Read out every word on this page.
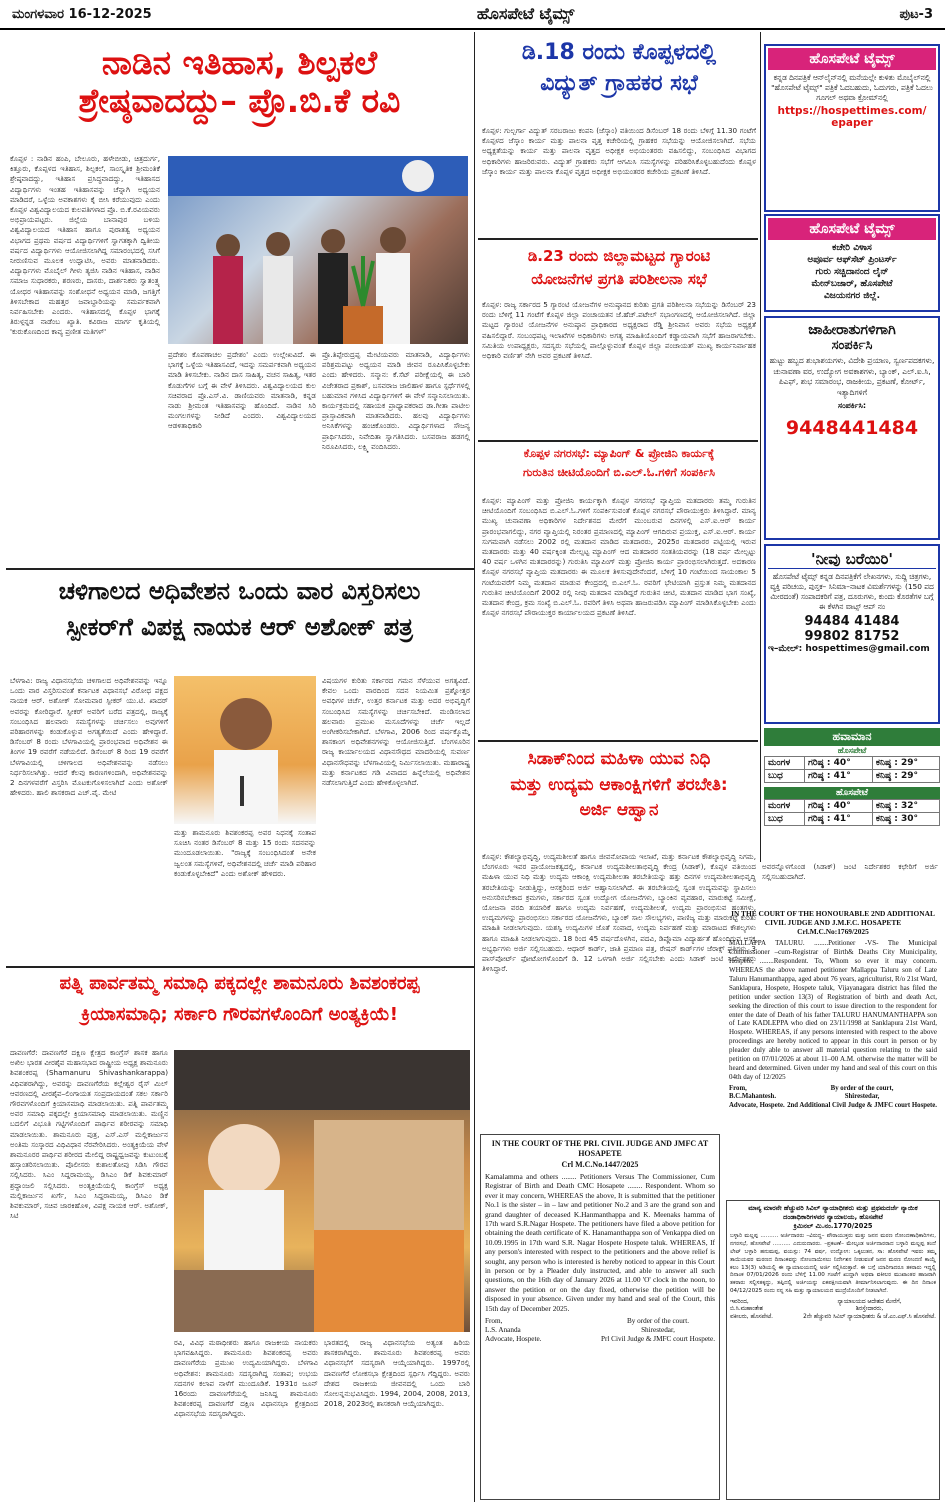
ಮಂಗಳವಾರ 16-12-2025	ಹೊಸಪೇಟೆ ಟೈಮ್ಸ್	ಪುಟ-3
ನಾಡಿನ ಇತಿಹಾಸ, ಶಿಲ್ಪಕಲೆ
ಶ್ರೇಷ್ಠವಾದದ್ದು– ಪ್ರೊ.ಬಿ.ಕೆ ರವಿ
ಕೊಪ್ಪಳ : ನಾಡಿನ ಹಂಪಿ, ಬೇಲೂರು, ಹಳೇಬೀಡು, ಚಿತ್ರದುರ್ಗ, ಕಿತ್ತೂರು, ಕೊಪ್ಪಳದ ಇತಿಹಾಸ, ಶಿಲ್ಪಕಲೆ, ಸಾಂಸ್ಕೃತಿಕ ಶ್ರೀಮಂತಿಕೆ ಶ್ರೇಷ್ಠವಾದದ್ದು, ಇತಿಹಾಸ ಪ್ರಸಿದ್ಧವಾದದ್ದು, ಇತಿಹಾಸದ ವಿದ್ಯಾರ್ಥಿಗಳು ಇಂತಹ ಇತಿಹಾಸವನ್ನು ಚೆನ್ನಾಗಿ ಅಧ್ಯಯನ ಮಾಡಿದರೆ, ಒಳ್ಳೆಯ ಅವಕಾಶಗಳು ಕೈ ಬೀಸಿ ಕರೆಯುವುದು ಎಂದು ಕೊಪ್ಪಳ ವಿಶ್ವವಿದ್ಯಾಲಯದ ಕುಲಪತಿಗಳಾದ ಪ್ರೊ. ಬಿ.ಕೆ.ರವಿಯವರು ಅಭಿಪ್ರಾಯಪಟ್ಟರು. ಜಿಲ್ಲೆಯ ಬಾನಾಪುರ ಬಳಿಯ ವಿಶ್ವವಿದ್ಯಾಲಯದ ಇತಿಹಾಸ ಹಾಗೂ ಪುರಾತತ್ವ ಅಧ್ಯಯನ ವಿಭಾಗದ ಪ್ರಥಮ ವರ್ಷದ ವಿದ್ಯಾರ್ಥಿಗಳಿಗೆ ಸ್ವಾಗತಕ್ಕಾಗಿ ದ್ವಿತೀಯ ವರ್ಷದ ವಿದ್ಯಾರ್ಥಿಗಳು ಆಯೋಜಿಸಲಾಗಿದ್ದ ಸಮಾರಂಭದಲ್ಲಿ ಸಸಿಗೆ ನೀರುಣಿಸುವ ಮೂಲಕ ಉದ್ಘಾಟಿಸಿ, ಅವರು ಮಾತನಾಡಿದರು. ವಿದ್ಯಾರ್ಥಿಗಳು ಮೊಬೈಲ್ ಗೀಳು ತ್ಯಜಿಸಿ ನಾಡಿನ ಇತಿಹಾಸ, ನಾಡಿನ ಸಮಾಜ ಸುಧಾರಕರು, ಶರಣರು, ದಾಸರು, ದಾರ್ಶನಿಕರು ಸ್ವಾತಂತ್ರ್ಯ ಯೋಧರ ಇತಿಹಾಸವನ್ನು ಸಂಶೋಧನೆ ಅಧ್ಯಯನ ಮಾಡಿ, ಜಗತ್ತಿಗೆ ತಿಳಿಸಬೇಕಾದ ಮಹತ್ತರ ಜವಾಬ್ದಾರಿಯನ್ನು ಸಮರ್ಪಕವಾಗಿ ನಿರ್ವಹಿಸಬೇಕು ಎಂದರು. ಇತಿಹಾಸದಲ್ಲಿ ಕೊಪ್ಪಳ ಭಾಗಕ್ಕೆ ತಿರುಳ್ಗನ್ನಡ ನಾಡೆಂಬ ಖ್ಯಾತಿ. ಕವಿರಾಜ ಮಾರ್ಗ ಕೃತಿಯಲ್ಲಿ 'ಕುರುಕೊಣದಿಂದ ಕಾವ್ಯ ಪ್ರಣೀತ ಮತಿಗಳ್'
ಪ್ರದೇಶಂ ಕೊಪಣಾಚಲ ಪ್ರದೇಶಂ' ಎಂದು ಉಲ್ಲೇಖವಿದೆ. ಈ ಭಾಗಕ್ಕೆ ಒಳ್ಳೆಯ ಇತಿಹಾಸವಿದೆ, ಇದನ್ನು ಸಮರ್ಪಕವಾಗಿ ಅಧ್ಯಯನ ಮಾಡಿ ತಿಳಿಸಬೇಕು. ನಾಡಿನ ದಾಸ ಸಾಹಿತ್ಯ, ವಚನ ಸಾಹಿತ್ಯ, ಇತರ ಕೊಡುಗೆಗಳ ಬಗ್ಗೆ ಈ ವೇಳೆ ತಿಳಿಸಿದರು. ವಿಶ್ವವಿದ್ಯಾಲಯದ ಕುಲ ಸಚಿವರಾದ ಪ್ರೊ.ಎಸ್.ವಿ. ಡಾಣಿಯವರು ಮಾತನಾಡಿ, ಕನ್ನಡ ನಾಡು ಶ್ರೀಮಂತ ಇತಿಹಾಸವನ್ನು ಹೊಂದಿದೆ. ನಾಡಿನ ಸಿರಿ ಮಂಗಲಗಳನ್ನು ನೀಡಿದೆ ಎಂದರು. ವಿಶ್ವವಿದ್ಯಾಲಯದ ಆಡಳಿತಾಧಿಕಾರಿ
ಪ್ರೊ.ತಿಪ್ಪೇರುದ್ರಪ್ಪ ಮೇಟಿಯವರು ಮಾತನಾಡಿ, ವಿದ್ಯಾರ್ಥಿಗಳು ಪರಿಶ್ರಮಪಟ್ಟು ಅಧ್ಯಯನ ಮಾಡಿ ಜೀವನ ರೂಪಿಸಿಕೊಳ್ಳಬೇಕು ಎಂದು ಹೇಳಿದರು. ಸನ್ಮಾನ: ಕೆ.ಸೆಟ್ ಪರೀಕ್ಷೆಯಲ್ಲಿ ಈ ಬಾರಿ ವಿಜೇತರಾದ ಪ್ರಕಾಶ್, ಬಸವರಾಜ ಜಾಲಿಹಾಳ ಹಾಗೂ ಸ್ಪರ್ಧೆಗಳಲ್ಲಿ ಬಹುಮಾನ ಗಳಿಸಿದ ವಿದ್ಯಾರ್ಥಿಗಳಿಗೆ ಈ ವೇಳೆ ಸನ್ಮಾನಿಸಲಾಯಿತು. ಕಾರ್ಯಕ್ರಮದಲ್ಲಿ ಸಹಾಯಕ ಪ್ರಾಧ್ಯಾಪಕರಾದ ಡಾ.ಗೀತಾ ಪಾಟೀಲ ಪ್ರಾಸ್ತಾವಿಕವಾಗಿ ಮಾತನಾಡಿದರು. ಹಲವು ವಿದ್ಯಾರ್ಥಿಗಳು ಅನಿಸಿಕೆಗಳನ್ನು ಹಂಚಿಕೊಂಡರು. ವಿದ್ಯಾರ್ಥಿಗಳಾದ ಸೌಜನ್ಯ ಪ್ರಾರ್ಥಿಸಿದರು, ನಿವೇದಿತಾ ಸ್ವಾಗತಿಸಿದರು. ಬಸವರಾಜ ಹಡಗಲ್ಲಿ ನಿರೂಪಿಸಿದರು, ಲಕ್ಷ್ಮಿ ವಂದಿಸಿದರು.
ಚಳಿಗಾಲದ ಅಧಿವೇಶನ ಒಂದು ವಾರ ವಿಸ್ತರಿಸಲು
ಸ್ಪೀಕರ್‌ಗೆ ವಿಪಕ್ಷ ನಾಯಕ ಆರ್ ಅಶೋಕ್ ಪತ್ರ
ಬೆಳಗಾವಿ: ರಾಜ್ಯ ವಿಧಾನಸಭೆಯ ಚಳಿಗಾಲದ ಅಧಿವೇಶನವನ್ನು ಇನ್ನೂ ಒಂದು ವಾರ ವಿಸ್ತರಿಸುವಂತೆ ಕರ್ನಾಟಕ ವಿಧಾನಸಭೆ ವಿರೋಧ ಪಕ್ಷದ ನಾಯಕ ಆರ್. ಅಶೋಕ್ ಸೋಮವಾರ ಸ್ಪೀಕರ್ ಯು.ಟಿ. ಖಾದರ್ ಅವರನ್ನು ಕೋರಿದ್ದಾರೆ. ಸ್ಪೀಕರ್ ಅವರಿಗೆ ಬರೆದ ಪತ್ರದಲ್ಲಿ, ರಾಜ್ಯಕ್ಕೆ ಸಂಬಂಧಿಸಿದ ಹಲವಾರು ಸಮಸ್ಯೆಗಳನ್ನು ಚರ್ಚಿಸಲು ಅವುಗಳಿಗೆ ಪರಿಹಾರಗಳನ್ನು ಕಂಡುಕೊಳ್ಳುವ ಅಗತ್ಯತೆಯಿದೆ ಎಂದು ಹೇಳಿದ್ದಾರೆ. ಡಿಸೆಂಬರ್ 8 ರಂದು ಬೆಳಗಾವಿಯಲ್ಲಿ ಪ್ರಾರಂಭವಾದ ಅಧಿವೇಶನ ಈ ತಿಂಗಳ 19 ರವರೆಗೆ ನಡೆಯಲಿದೆ. ಡಿಸೆಂಬರ್ 8 ರಿಂದ 19 ರವರೆಗೆ ಬೆಳಗಾವಿಯಲ್ಲಿ ಚಳಿಗಾಲದ ಅಧಿವೇಶನವನ್ನು ನಡೆಸಲು ನಿರ್ಧರಿಸಲಾಗಿತ್ತು. ಆದರೆ ಕೆಲವು ಕಾರಣಗಳಿಂದಾಗಿ, ಅಧಿವೇಶನವನ್ನು 2 ದಿನಗಳವರೆಗೆ ವಿಸ್ತರಿಸಿ ಮೊಟಕುಗೊಳಿಸಲಾಗಿದೆ ಎಂದು ಅಶೋಕ್ ಹೇಳಿದರು. ಹಾಲಿ ಶಾಸಕರಾದ ಎಚ್.ವೈ. ಮೇಟಿ
ಮತ್ತು ಶಾಮನೂರು ಶಿವಶಂಕರಪ್ಪ ಅವರ ನಿಧನಕ್ಕೆ ಸಂತಾಪ ಸೂಚಿಸಿ ನಂತರ ಡಿಸೆಂಬರ್ 8 ಮತ್ತು 15 ರಂದು ಸದನವನ್ನು ಮುಂದೂಡಲಾಯಿತು. "ರಾಜ್ಯಕ್ಕೆ ಸಂಬಂಧಿಸಿದಂತೆ ಅನೇಕ ಜ್ವಲಂತ ಸಮಸ್ಯೆಗಳಿವೆ, ಅಧಿವೇಶನದಲ್ಲಿ ಚರ್ಚೆ ಮಾಡಿ ಪರಿಹಾರ ಕಂಡುಕೊಳ್ಳಬೇಕಿದೆ" ಎಂದು ಅಶೋಕ್ ಹೇಳಿದರು.
ವಿಷಯಗಳ ಕುರಿತು ಸರ್ಕಾರದ ಗಮನ ಸೆಳೆಯುವ ಅಗತ್ಯವಿದೆ. ಕೇವಲ ಒಂದು ವಾರದಿಂದ ಸದನ ನಿಯಮಿತ ಪ್ರಶ್ನೋತ್ತರ ಅವಧಿಗಳ ಚರ್ಚೆ, ಉತ್ತರ ಕರ್ನಾಟಕ ಮತ್ತು ಅದರ ಅಭಿವೃದ್ಧಿಗೆ ಸಂಬಂಧಿಸಿದ ಸಮಸ್ಯೆಗಳನ್ನು ಚರ್ಚಿಸಬೇಕಿದೆ. ಮಂಡಿಸಲಾದ ಹಲವಾರು ಪ್ರಮುಖ ಮಸೂದೆಗಳನ್ನು ಚರ್ಚೆ ಇಲ್ಲದೆ ಅಂಗೀಕರಿಸಬೇಕಾಗಿದೆ. ಬೆಳಗಾವಿ, 2006 ರಿಂದ ವರ್ಷಕ್ಕೊಮ್ಮೆ ಶಾಸಕಾಂಗ ಅಧಿವೇಶನಗಳನ್ನು ಆಯೋಜಿಸುತ್ತಿದೆ. ಬೆಂಗಳೂರಿನ ರಾಜ್ಯ ಕಾರ್ಯಾಲಯದ ವಿಧಾನಸೌಧದ ಮಾದರಿಯಲ್ಲಿ ಸುವರ್ಣ ವಿಧಾನಸೌಧವನ್ನು ಬೆಳಗಾವಿಯಲ್ಲಿ ನಿರ್ಮಿಸಲಾಯಿತು. ಮಹಾರಾಷ್ಟ್ರ ಮತ್ತು ಕರ್ನಾಟಕದ ಗಡಿ ವಿವಾದದ ಹಿನ್ನೆಲೆಯಲ್ಲಿ ಅಧಿವೇಶನ ನಡೆಸಲಾಗುತ್ತಿದೆ ಎಂದು ಹೇಳಿಕೊಳ್ಳಲಾಗಿದೆ.
ಪತ್ನಿ ಪಾರ್ವತಮ್ಮ ಸಮಾಧಿ ಪಕ್ಕದಲ್ಲೇ ಶಾಮನೂರು ಶಿವಶಂಕರಪ್ಪ
ಕ್ರಿಯಾಸಮಾಧಿ; ಸರ್ಕಾರಿ ಗೌರವಗಳೊಂದಿಗೆ ಅಂತ್ಯಕ್ರಿಯೆ!
ದಾವಣಗೆರೆ: ದಾವಣಗೆರೆ ದಕ್ಷಿಣ ಕ್ಷೇತ್ರದ ಕಾಂಗ್ರೆಸ್ ಶಾಸಕ ಹಾಗೂ ಅಖಿಲ ಭಾರತ ವೀರಶೈವ ಮಹಾಸಭಾದ ರಾಷ್ಟ್ರೀಯ ಅಧ್ಯಕ್ಷ ಶಾಮನೂರು ಶಿವಶಂಕರಪ್ಪ (Shamanuru Shivashankarappa) ವಿಧಿವಶರಾಗಿದ್ದು, ಅವರನ್ನು ದಾವಣಗೆರೆಯ ಕಲ್ಲೇಶ್ವರ ರೈಸ್ ಮಿಲ್ ಆವರಣದಲ್ಲಿ ವೀರಶೈವ–ಲಿಂಗಾಯತ ಸಂಪ್ರದಾಯದಂತೆ ಸಕಲ ಸರ್ಕಾರಿ ಗೌರವಗಳೊಂದಿಗೆ ಕ್ರಿಯಾಸಮಾಧಿ ಮಾಡಲಾಯಿತು. ಪತ್ನಿ ಪಾರ್ವತಮ್ಮ ಅವರ ಸಮಾಧಿ ಪಕ್ಕದಲ್ಲೇ ಕ್ರಿಯಾಸಮಾಧಿ ಮಾಡಲಾಯಿತು. ಮಣ್ಣಿನ ಬದಲಿಗೆ ವಿಭೂತಿ ಗಟ್ಟಿಗಳೊಂದಿಗೆ ಪಾರ್ಥಿವ ಶರೀರವನ್ನು ಸಮಾಧಿ ಮಾಡಲಾಯಿತು. ಶಾಮನೂರು ಪುತ್ರ, ಎಸ್.ಎಸ್ ಮಲ್ಲಿಕಾರ್ಜುನ ಅಂತಿಮ ಸಂಸ್ಕಾರದ ವಿಧಿವಿಧಾನ ನೆರವೇರಿಸಿದರು. ಅಂತ್ಯಕ್ರಿಯೆಯ ವೇಳೆ ಶಾಮನೂರರ ಪಾರ್ಥಿವ ಶರೀರದ ಮೇಲಿದ್ದ ರಾಷ್ಟ್ರಧ್ವಜವನ್ನು ಕುಟುಂಬಕ್ಕೆ ಹಸ್ತಾಂತರಿಸಲಾಯಿತು. ಪೊಲೀಸರು ಕುಶಾಲತೋಪು ಸಿಡಿಸಿ ಗೌರವ ಸಲ್ಲಿಸಿದರು. ಸಿಎಂ ಸಿದ್ದರಾಮಯ್ಯ, ಡಿಸಿಎಂ ಡಿಕೆ ಶಿವಕುಮಾರ್ ಶ್ರದ್ಧಾಂಜಲಿ ಸಲ್ಲಿಸಿದರು. ಅಂತ್ಯಕ್ರಿಯೆಯಲ್ಲಿ ಕಾಂಗ್ರೆಸ್ ಅಧ್ಯಕ್ಷ ಮಲ್ಲಿಕಾರ್ಜುನ ಖರ್ಗೆ, ಸಿಎಂ ಸಿದ್ದರಾಮಯ್ಯ, ಡಿಸಿಎಂ ಡಿಕೆ ಶಿವಕುಮಾರ್, ಸಚಿವ ಜಾರಕಿಹೊಳಿ, ವಿಪಕ್ಷ ನಾಯಕ ಆರ್. ಅಶೋಕ್, ಸಿಟಿ
ರವಿ, ವಿವಿಧ ಮಠಾಧೀಶರು ಹಾಗೂ ರಾಜಕೀಯ ನಾಯಕರು ಭಾಗವಹಿಸಿದ್ದರು. ಶಾಮನೂರು ಶಿವಶಂಕರಪ್ಪ ಅವರು ದಾವಣಗೆರೆಯ ಪ್ರಮುಖ ಉದ್ಯಮಿಯಾಗಿದ್ದರು. ಬೆಳಗಾವಿ ಅಧಿವೇಶನ: ಶಾಮನೂರು ಸದಸ್ಯರಾಗಿದ್ದ ಸಂತಾಪ; ಉಭಯ ಸದನಗಳ ಕಲಾಪ ನಾಳೆಗೆ ಮುಂದೂಡಿಕೆ. 1931ರ ಜೂನ್ 16ರಂದು ದಾವಣಗೆರೆಯಲ್ಲಿ ಜನಿಸಿದ್ದ ಶಾಮನೂರು ಶಿವಶಂಕರಪ್ಪ ದಾವಣಗೆರೆ ದಕ್ಷಿಣ ವಿಧಾನಸಭಾ ಕ್ಷೇತ್ರದಿಂದ ವಿಧಾನಸಭೆಯ ಸದಸ್ಯರಾಗಿದ್ದರು.
ಭಾರತದಲ್ಲಿ ರಾಜ್ಯ ವಿಧಾನಸಭೆಯ ಅತ್ಯಂತ ಹಿರಿಯ ಶಾಸಕರಾಗಿದ್ದರು. ಶಾಮನೂರು ಶಿವಶಂಕರಪ್ಪ ಅವರು ವಿಧಾನಸಭೆಗೆ ಸದಸ್ಯರಾಗಿ ಆಯ್ಕೆಯಾಗಿದ್ದರು. 1997ರಲ್ಲಿ ದಾವಣಗೆರೆ ಲೋಕಸಭಾ ಕ್ಷೇತ್ರದಿಂದ ಸ್ಪರ್ಧಿಸಿ ಗೆದ್ದಿದ್ದರು. ಅವರು ದೇಶದ ರಾಜಕೀಯ ಜೀವನದಲ್ಲಿ ಒಂದು ಬಾರಿ ಸೋಲನ್ನನುಭವಿಸಿದ್ದರು. 1994, 2004, 2008, 2013, 2018, 2023ರಲ್ಲಿ ಶಾಸಕರಾಗಿ ಆಯ್ಕೆಯಾಗಿದ್ದರು.
ಡಿ.18 ರಂದು ಕೊಪ್ಪಳದಲ್ಲಿ
ವಿದ್ಯುತ್ ಗ್ರಾಹಕರ ಸಭೆ
ಕೊಪ್ಪಳ: ಗುಲ್ಬರ್ಗಾ ವಿದ್ಯುತ್ ಸರಬರಾಜು ಕಂಪನಿ (ಜೆಸ್ಕಾಂ) ವತಿಯಿಂದ ಡಿಸೆಂಬರ್ 18 ರಂದು ಬೆಳಿಗ್ಗೆ 11.30 ಗಂಟೆಗೆ ಕೊಪ್ಪಳದ ಜೆಸ್ಕಾಂ ಕಾರ್ಯ ಮತ್ತು ಪಾಲನಾ ವೃತ್ತ ಕಚೇರಿಯಲ್ಲಿ ಗ್ರಾಹಕರ ಸಭೆಯನ್ನು ಆಯೋಜಿಸಲಾಗಿದೆ. ಸಭೆಯ ಅಧ್ಯಕ್ಷತೆಯನ್ನು ಕಾರ್ಯ ಮತ್ತು ಪಾಲನಾ ವೃತ್ತದ ಅಧೀಕ್ಷಕ ಅಭಿಯಂತರರು ವಹಿಸಲಿದ್ದು, ಸಂಬಂಧಿಸಿದ ವಿಭಾಗದ ಅಧಿಕಾರಿಗಳು ಹಾಜರಿರುವರು. ವಿದ್ಯುತ್ ಗ್ರಾಹಕರು ಸಭೆಗೆ ಆಗಮಿಸಿ ಸಮಸ್ಯೆಗಳನ್ನು ಪರಿಹರಿಸಿಕೊಳ್ಳಬಹುದೆಂದು ಕೊಪ್ಪಳ ಜೆಸ್ಕಾಂ ಕಾರ್ಯ ಮತ್ತು ಪಾಲನಾ ಕೊಪ್ಪಳ ವೃತ್ತದ ಅಧೀಕ್ಷಕ ಅಭಿಯಂತರರ ಕಚೇರಿಯ ಪ್ರಕಟಣೆ ತಿಳಿಸಿದೆ.
ಡಿ.23 ರಂದು ಜಿಲ್ಲಾಮಟ್ಟದ ಗ್ಯಾರಂಟಿ
ಯೋಜನೆಗಳ ಪ್ರಗತಿ ಪರಿಶೀಲನಾ ಸಭೆ
ಕೊಪ್ಪಳ: ರಾಜ್ಯ ಸರ್ಕಾರದ 5 ಗ್ಯಾರಂಟಿ ಯೋಜನೆಗಳ ಅನುಷ್ಠಾನದ ಕುರಿತು ಪ್ರಗತಿ ಪರಿಶೀಲನಾ ಸಭೆಯನ್ನು ಡಿಸೆಂಬರ್ 23 ರಂದು ಬೆಳಿಗ್ಗೆ 11 ಗಂಟೆಗೆ ಕೊಪ್ಪಳ ಜಿಲ್ಲಾ ಪಂಚಾಯತನ ಜೆ.ಹೆಚ್.ಪಟೇಲ್ ಸಭಾಂಗಣದಲ್ಲಿ ಆಯೋಜಿಸಲಾಗಿದೆ. ಜಿಲ್ಲಾ ಮಟ್ಟದ ಗ್ಯಾರಂಟಿ ಯೋಜನೆಗಳ ಅನುಷ್ಠಾನ ಪ್ರಾಧಿಕಾರದ ಅಧ್ಯಕ್ಷರಾದ ರೆಡ್ಡಿ ಶ್ರೀನಿವಾಸ ಅವರು ಸಭೆಯ ಅಧ್ಯಕ್ಷತೆ ವಹಿಸಲಿದ್ದಾರೆ. ಸಂಬಂಧಪಟ್ಟ ಇಲಾಖೆಗಳ ಅಧಿಕಾರಿಗಳು ಅಗತ್ಯ ಮಾಹಿತಿಯೊಂದಿಗೆ ಕಡ್ಡಾಯವಾಗಿ ಸಭೆಗೆ ಹಾಜರಾಗಬೇಕು. ಸಮಿತಿಯ ಉಪಾಧ್ಯಕ್ಷರು, ಸದಸ್ಯರು ಸಭೆಯಲ್ಲಿ ಪಾಲ್ಗೊಳ್ಳುವಂತೆ ಕೊಪ್ಪಳ ಜಿಲ್ಲಾ ಪಂಚಾಯತ್ ಮುಖ್ಯ ಕಾರ್ಯನಿರ್ವಾಹಕ ಅಧಿಕಾರಿ ವರ್ಣಿತ್ ನೇಗಿ ಅವರ ಪ್ರಕಟಣೆ ತಿಳಿಸಿದೆ.
ಕೊಪ್ಪಳ ನಗರಸಭೆ: ಮ್ಯಾಪಿಂಗ್ & ಪ್ರೋಜಿನಿ ಕಾರ್ಯಕ್ಕೆ
ಗುರುತಿನ ಚೀಟಿಯೊಂದಿಗೆ ಬಿ.ಎಲ್.ಓ.ಗಳಿಗೆ ಸಂಪರ್ಕಿಸಿ
ಕೊಪ್ಪಳ: ಮ್ಯಾಪಿಂಗ್ ಮತ್ತು ಪ್ರೋಜಿನಿ ಕಾರ್ಯಕ್ಕಾಗಿ ಕೊಪ್ಪಳ ನಗರಸಭೆ ವ್ಯಾಪ್ತಿಯ ಮತದಾರರು ತಮ್ಮ ಗುರುತಿನ ಚೀಟಿಯೊಂದಿಗೆ ಸಂಬಂಧಿಸಿದ ಬಿ.ಎಲ್.ಓ.ಗಳಿಗೆ ಸಂಪರ್ಕಿಸುವಂತೆ ಕೊಪ್ಪಳ ನಗರಸಭೆ ಪೌರಾಯುಕ್ತರು ತಿಳಿಸಿದ್ದಾರೆ. ಮಾನ್ಯ ಮುಖ್ಯ ಚುನಾವಣಾ ಅಧಿಕಾರಿಗಳ ನಿರ್ದೇಶನದ ಮೇರೆಗೆ ಮುಂಬರುವ ದಿನಗಳಲ್ಲಿ ಎಸ್.ಐ.ಆರ್ ಕಾರ್ಯ ಪ್ರಾರಂಭವಾಗಲಿದ್ದು, ನಗರ ವ್ಯಾಪ್ತಿಯಲ್ಲಿ ನಿರಂತರ ಪ್ರಮಾಣದಲ್ಲಿ ಮ್ಯಾಪಿಂಗ್ ಆಗದಿರುವ ಪ್ರಯುಕ್ತ, ಎಸ್.ಐ.ಆರ್. ಕಾರ್ಯ ಸುಗಮವಾಗಿ ನಡೆಸಲು 2002 ರಲ್ಲಿ ಮತದಾನ ಮಾಡಿದ ಮತದಾರರು, 2025ರ ಮತದಾರರ ಪಟ್ಟಿಯಲ್ಲಿ ಇರುವ ಮತದಾರರು ಮತ್ತು 40 ವರ್ಷಕ್ಕಿಂತ ಮೇಲ್ಪಟ್ಟ ಮ್ಯಾಪಿಂಗ್ ಆದ ಮತದಾರರ ಸಂತತಿಯವರನ್ನು (18 ವರ್ಷ ಮೇಲ್ಪಟ್ಟು 40 ವರ್ಷ ಒಳಗಿನ ಮತದಾರರನ್ನು) ಗುರುತಿಸಿ ಮ್ಯಾಪಿಂಗ್ ಮತ್ತು ಪ್ರೋಜಿನಿ ಕಾರ್ಯ ಪ್ರಾರಂಭಿಸಲಾಗಿರುತ್ತದೆ. ಅದಕಾರಣ ಕೊಪ್ಪಳ ನಗರಸಭೆ ವ್ಯಾಪ್ತಿಯ ಮತದಾರರು ಈ ಮೂಲಕ ತಿಳಿಸುವುದೇನೆಂದರೆ, ಬೆಳಿಗ್ಗೆ 10 ಗಂಟೆಯಿಂದ ಸಾಯಂಕಾಲ 5 ಗಂಟೆಯವರೆಗೆ ನಿಮ್ಮ ಮತದಾನ ಮಾಡುವ ಕೇಂದ್ರದಲ್ಲಿ ಬಿ.ಎಲ್.ಓ. ರವರಿಗೆ ಭೇಟಿಯಾಗಿ ಪ್ರಸ್ತುತ ನಿಮ್ಮ ಮತದಾನದ ಗುರುತಿನ ಚೀಟಿಯೊಂದಿಗೆ 2002 ರಲ್ಲಿ ನೀವು ಮತದಾನ ಮಾಡಿದ್ದರೆ ಗುರುತಿನ ಚೀಟಿ, ಮತದಾನ ಮಾಡಿದ ಭಾಗ ಸಂಖ್ಯೆ, ಮತದಾನ ಕೇಂದ್ರ, ಕ್ರಮ ಸಂಖ್ಯೆ ಬಿ.ಎಲ್.ಓ. ರವರಿಗೆ ತಿಳಿಸಿ ಅಥವಾ ಹಾಜರುಪಡಿಸಿ ಮ್ಯಾಪಿಂಗ್ ಮಾಡಿಸಿಕೊಳ್ಳಬೇಕು ಎಂದು ಕೊಪ್ಪಳ ನಗರಸಭೆ ಪೌರಾಯುಕ್ತರ ಕಾರ್ಯಾಲಯದ ಪ್ರಕಟಣೆ ತಿಳಿಸಿದೆ.
ಸಿಡಾಕ್‌ನಿಂದ ಮಹಿಳಾ ಯುವ ನಿಧಿ
ಮತ್ತು ಉದ್ಯಮ ಆಕಾಂಕ್ಷಿಗಳಿಗೆ ತರಬೇತಿ:
ಅರ್ಜಿ ಆಹ್ವಾನ
ಕೊಪ್ಪಳ: ಕೌಶಲ್ಯಾಭಿವೃದ್ಧಿ, ಉದ್ಯಮಶೀಲತೆ ಹಾಗೂ ಜೀವನೋಪಾಯ ಇಲಾಖೆ, ಮತ್ತು ಕರ್ನಾಟಕ ಕೌಶಲ್ಯಾಭಿವೃದ್ಧಿ ನಿಗಮ, ಬೆಂಗಳೂರು ಇವರ ಪ್ರಾಯೋಜಕತ್ವದಲ್ಲಿ, ಕರ್ನಾಟಕ ಉದ್ಯಮಶೀಲತಾಭಿವೃದ್ಧಿ ಕೇಂದ್ರ (ಸಿಡಾಕ್), ಕೊಪ್ಪಳ ವತಿಯಿಂದ ಮಹಿಳಾ ಯುವ ನಿಧಿ ಮತ್ತು ಉದ್ಯಮ ಆಕಾಂಕ್ಷಿ ಉದ್ಯಮಶೀಲತಾ ತರಬೇತಿಯನ್ನು ಹತ್ತು ದಿನಗಳ ಉದ್ಯಮಶೀಲತಾಭಿವೃದ್ಧಿ ತರಬೇತಿಯನ್ನು ನೀಡುತ್ತಿದ್ದು, ಆಸಕ್ತರಿಂದ ಅರ್ಜಿ ಆಹ್ವಾನಿಸಲಾಗಿದೆ. ಈ ತರಬೇತಿಯಲ್ಲಿ ಸ್ವಂತ ಉದ್ಯಮವನ್ನು ಸ್ಥಾಪಿಸಲು ಅನುಸರಿಸಬೇಕಾದ ಕ್ರಮಗಳು, ಸರ್ಕಾರದ ಸ್ವಂತ ಉದ್ಯೋಗ ಯೋಜನೆಗಳು, ಬ್ಯಾಂಕಿನ ವ್ಯವಹಾರ, ಮಾರುಕಟ್ಟೆ ಸಮೀಕ್ಷೆ, ಯೋಜನಾ ವರದಿ ತಯಾರಿಕೆ ಹಾಗೂ ಉದ್ಯಮ ನಿರ್ವಹಣೆ, ಉದ್ಯಮಶೀಲತೆ, ಉದ್ಯಮ ಪ್ರಾರಂಭಿಸುವ ಹಂತಗಳು, ಉದ್ಯಮಗಳನ್ನು ಪ್ರಾರಂಭಿಸಲು ಸರ್ಕಾರದ ಯೋಜನೆಗಳು, ಬ್ಯಾಂಕ್ ಸಾಲ ಸೌಲಭ್ಯಗಳು, ಪಾಣಿಜ್ಯ ಮತ್ತು ಮಾರುಕಟ್ಟೆ ಕುರಿತು ಮಾಹಿತಿ ನೀಡಲಾಗುವುದು. ಯಶಸ್ವಿ ಉದ್ಯಮಿಗಳ ಜೊತೆ ಸಂವಾದ, ಉದ್ಯಮ ನಿರ್ವಹಣೆ ಮತ್ತು ಮಾರಾಟದ ಕೌಶಲ್ಯಗಳು ಹಾಗೂ ಮಾಹಿತಿ ನೀಡಲಾಗುವುದು. 18 ರಿಂದ 45 ವರ್ಷದೊಳಗಿನ, ಪದವಿ, ಡಿಪ್ಲೊಮಾ ವಿದ್ಯಾರ್ಹತೆ ಹೊಂದಿರುವ ಆಸಕ್ತ ಅಭ್ಯರ್ಥಿಗಳು ಅರ್ಜಿ ಸಲ್ಲಿಸಬಹುದು. ಆಧಾರ್ ಕಾರ್ಡ್, ಜಾತಿ ಪ್ರಮಾಣ ಪತ್ರ, ರೇಷನ್ ಕಾರ್ಡ್‌ಗಳ ಜೆರಾಕ್ಸ್ ಪ್ರತಿಗಳು, 3 ಪಾಸ್‌ಪೋರ್ಟ್ ಫೋಟೋಗಳೊಂದಿಗೆ ಡಿ. 12 ಒಳಗಾಗಿ ಅರ್ಜಿ ಸಲ್ಲಿಸಬೇಕು ಎಂದು ಸಿಡಾಕ್ ಜಂಟಿ ನಿರ್ದೇಶಕರು ತಿಳಿಸಿದ್ದಾರೆ.
ಅವರನ್ನೊಳಗೊಂಡ (ಸಿಡಾಕ್) ಜಂಟಿ ನಿರ್ದೇಶಕರ ಕಛೇರಿಗೆ ಅರ್ಜಿ ಸಲ್ಲಿಸಬಹುದಾಗಿದೆ.
IN THE COURT OF THE PRI. CIVIL JUDGE AND JMFC AT HOSAPETE
Crl M.C.No.1447/2025
Kamalamma and others ........ Petitioners Versus The Commissioner, Cum Registrar of Birth and Death CMC Hosapete ........ Respondent. Whom so ever it may concern, WHEREAS the above, It is submitted that the petitioner No.1 is the sister – in – law and petitioner No.2 and 3 are the grand son and grand daughter of deceased K.Hanmanthappa and K. Meenaks hamma of 17th ward S.R.Nagar Hospete. The petitioners have filed a above petition for obtaining the death certificate of K. Hanamanthappa son of Venkappa died on 10.09.1995 in 17th ward S.R. Nagar Hospete Hospete taluk. WHEREAS, If any person's interested with respect to the petitioners and the above relief is sought, any person who is interested is hereby noticed to appear in this Court in person or by a Pleader duly instructed, and able to answer all such questions, on the 16th day of January 2026 at 11.00 'O' clock in the noon, to answer the petition or on the day fixed, otherwise the petition will be disposed in your absence. Given under my hand and seal of the Court, this 15th day of December 2025.
From,
L.S. Ananda
Advocate, Hospete.
By order of the court.
Shirestedar,
Prl Civil Judge & JMFC court Hospete.
ಹೊಸಪೇಟೆ ಟೈಮ್ಸ್
ಕನ್ನಡ ದಿನಪತ್ರಿಕೆ ಆನ್‌ಲೈನ್‌ನಲ್ಲಿ ಮನೆಯಲ್ಲೇ ಕುಳಿತು ಮೊಬೈಲ್‌ನಲ್ಲಿ "ಹೊಸಪೇಟೆ ಟೈಮ್ಸ್" ಪತ್ರಿಕೆ ಓದಬಹುದು, ಓದುಗರು, ಪತ್ರಿಕೆ ಓದಲು ಗೂಗಲ್ ಅಥವಾ ಕ್ರೋಮ್‌ನಲ್ಲಿ
https://hospettimes.com/
epaper
ಹೊಸಪೇಟೆ ಟೈಮ್ಸ್
ಕಚೇರಿ ವಿಳಾಸ
ಅಪೂರ್ವ ಆಫ್‌ಸೆಟ್ ಪ್ರಿಂಟರ್ಸ್
ಗುರು ಸಚ್ಚಿದಾನಂದ ಲೈನ್
ಮೇನ್‌ಬಜಾರ್, ಹೊಸಪೇಟೆ
ವಿಜಯನಗರ ಜಿಲ್ಲೆ.
ಜಾಹೀರಾತುಗಳಿಗಾಗಿ
ಸಂಪರ್ಕಿಸಿ
ಹುಟ್ಟು ಹಬ್ಬದ ಶುಭಾಶಯಗಳು, ವಿದೇಶಿ ಪ್ರಯಾಣ, ಸ್ವರ್ಣಪದಕಗಳು, ಚುನಾವಣಾ ವರ, ಉದ್ಯೋಗ ಅವಕಾಶಗಳು, ಬ್ಯಾಂಕ್, ಎಲ್.ಐ.ಸಿ, ಪಿಎಫ್, ಶುಭ ಸಮಾರಂಭ, ರಾಜಕೀಯ, ಪ್ರಕಟಣೆ, ಕೋರ್ಟ್, ಇತ್ಯಾದಿಗಳಿಗೆ
ಸಂಪರ್ಕಿಸಿ:
9448441484
'ನೀವು ಬರೆಯಿರಿ'
ಹೊಸಪೇಟೆ ಟೈಮ್ಸ್ ಕನ್ನಡ ದಿನಪತ್ರಿಕೆಗೆ ಲೇಖನಗಳು, ಸುದ್ದಿ ಚಿತ್ರಗಳು, ವ್ಯಕ್ತಿ ಪರಿಚಯ, ಪುಸ್ತಕ– ಸಿನಿಮಾ–ನಾಟಕ ವಿಮರ್ಶೆಗಳನ್ನು (150 ಪದ ಮೀರದಂತೆ) ಸಂಪಾದಕರಿಗೆ ಪತ್ರ, ದೂರುಗಳು, ಕುಂದು ಕೊರತೆಗಳ ಬಗ್ಗೆ ಈ ಕೆಳಗಿನ ವಾಟ್ಸ್ ಆಪ್ ನಂ
94484 41484
99802 81752
ಇ–ಮೇಲ್: hospettimes@gmail.com
ಹವಾಮಾನ
ಹೊಸಪೇಟೆ
ಮಂಗಳ	ಗರಿಷ್ಠ : 40°	ಕನಿಷ್ಠ : 29°
ಬುಧ	ಗರಿಷ್ಠ : 41°	ಕನಿಷ್ಠ : 29°
ಹೊಸಪೇಟೆ
ಮಂಗಳ	ಗರಿಷ್ಠ : 40°	ಕನಿಷ್ಠ : 32°
ಬುಧ	ಗರಿಷ್ಠ : 41°	ಕನಿಷ್ಠ : 30°
IN THE COURT OF THE HONOURABLE 2ND ADDITIONAL CIVIL JUDGE AND J.M.F.C. HOSAPETE
Crl.M.C.No:1769/2025
MALLAPPA TALURU. ........Petitioner -VS- The Municipal Commissioner –cum-Registrar of Birth& Deaths City Municipality, Hospete, ........Respondent. To, Whom so ever it may concern. WHEREAS the above named petitioner Mallappa Taluru son of Late Taluru Hanumanthappa, aged about 76 years, agriculturist, R/o 21st Ward, Sanklapura, Hospete, Hospete taluk, Vijayanagara district has filed the petition under section 13(3) of Registration of birth and death Act, seeking the direction of this court to issue direction to the respondent for enter the date of Death of his father TALURU HANUMANTHAPPA son of Late KADLEPPA who died on 23/11/1998 at Sanklapura 21st Ward, Hospete. WHEREAS, if any persons interested with respect to the above proceedings are hereby noticed to appear in this court in person or by pleader duly able to answer all material question relating to the said petition on 07/01/2026 at about 11–00 A.M. otherwise the matter will be heard and determined. Given under my hand and seal of this court on this 04th day of 12/2025
From,
B.C.Mahantesh.
Advocate, Hospete.
By order of the court,
Shirestedar,
2nd Additional Civil Judge & JMFC court Hospete.
ಮಾನ್ಯ ಮಾರನೇ ಹೆಚ್ಚುವರಿ ಸಿವಿಲ್ ನ್ಯಾಯಾಧೀಶರು ಮತ್ತು ಪ್ರಥಮದರ್ಜೆ ನ್ಯಾಯಿಕ ದಂಡಾಧಿಕಾರಿಗಳವರ ನ್ಯಾಯಾಲಯ, ಹೊಸಪೇಟೆ
ಕ್ರಿಮಿನಲ್ ಮಿ.ನಂ.1770/2025
ಬಳ್ಳಾರಿ ಮಲ್ಲಪ್ಪ .......... ಅರ್ಜಿದಾರರು –ವಿರುದ್ಧ– ಪೌರಾಯುಕ್ತರು ಮತ್ತು ಜನನ ಮರಣ ನೋಂದಣಾಧಿಕಾರಿಗಳು, ನಗರಸಭೆ, ಹೊಸಪೇಟೆ .......... ಎದುರುದಾರರು. –ಪ್ರಕಟಣೆ– ಮೇಲ್ಕಂಡ ಅರ್ಜಿದಾರರಾದ ಬಳ್ಳಾರಿ ಮಲ್ಲಪ್ಪ ತಂದೆ ಲೇಟ್ ಬಳ್ಳಾರಿ ಹನುಮಪ್ಪ, ವಯಸ್ಸು: 74 ವರ್ಷ, ಉದ್ಯೋಗ: ಒಕ್ಕಲುತನ, ಸಾ: ಹೊಸಪೇಟೆ ಇವರು ತಮ್ಮ ತಾಯಿಯವರ ಮರಣದ ದಿನಾಂಕವನ್ನು ನೋಂದಾಯಿಸಲು ನಿರ್ದೇಶನ ನೀಡುವಂತೆ ಜನನ ಮರಣ ನೋಂದಣಿ ಕಾಯ್ದೆ ಕಲಂ 13(3) ಅಡಿಯಲ್ಲಿ ಈ ನ್ಯಾಯಾಲಯದಲ್ಲಿ ಅರ್ಜಿ ಸಲ್ಲಿಸಿರುತ್ತಾರೆ. ಈ ಬಗ್ಗೆ ಯಾರಿಗಾದರೂ ತಕರಾರು ಇದ್ದಲ್ಲಿ ದಿನಾಂಕ 07/01/2026 ರಂದು ಬೆಳಿಗ್ಗೆ 11.00 ಗಂಟೆಗೆ ಖುದ್ದಾಗಿ ಅಥವಾ ವಕೀಲರ ಮುಖಾಂತರ ಹಾಜರಾಗಿ ತಕರಾರು ಸಲ್ಲಿಸತಕ್ಕದ್ದು, ತಪ್ಪಿದಲ್ಲಿ ಅರ್ಜಿಯನ್ನು ಏಕಪಕ್ಷೀಯವಾಗಿ ತೀರ್ಮಾನಿಸಲಾಗುವುದು. ಈ ದಿನ ದಿನಾಂಕ 04/12/2025 ರಂದು ನನ್ನ ಸಹಿ ಮತ್ತು ನ್ಯಾಯಾಲಯದ ಮುದ್ರೆಯೊಂದಿಗೆ ನೀಡಲಾಗಿದೆ.
ಇವರಿಂದ,
ಬಿ.ಸಿ.ಮಹಾಂತೇಶ
ವಕೀಲರು, ಹೊಸಪೇಟೆ.
ನ್ಯಾಯಾಲಯದ ಆದೇಶದ ಮೇರೆಗೆ,
ಶಿರಸ್ತೇದಾರರು,
2ನೇ ಹೆಚ್ಚುವರಿ ಸಿವಿಲ್ ನ್ಯಾಯಾಧೀಶರು & ಜೆ.ಎಂ.ಎಫ್.ಸಿ ಹೊಸಪೇಟೆ.
